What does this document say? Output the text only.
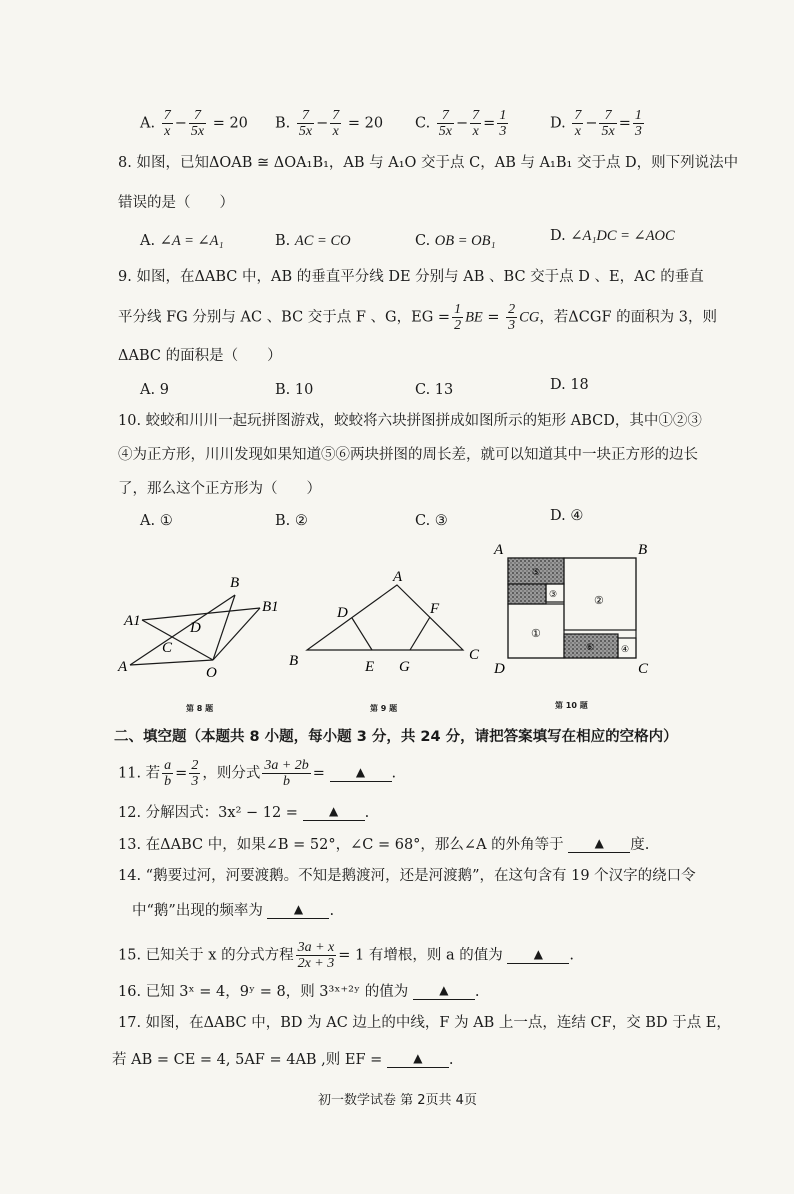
A. $\frac{7}{x} - \frac{7}{5x} = 20$ B. $\frac{7}{5x} - \frac{7}{x} = 20$ C. $\frac{7}{5x} - \frac{7}{x} = \frac{1}{3}$	D. $\frac{7}{x} - \frac{7}{5x} = \frac{1}{3}$
8. 如图，已知ΔOAB ≅ ΔOA₁B₁，AB 与 A₁O 交于点 C，AB 与 A₁B₁ 交于点 D，则下列说法中
错误的是（　　）
A. ∠A = ∠A₁	B. AC = CO	C. OB = OB₁	D. ∠A₁DC = ∠AOC
9. 如图，在ΔABC 中，AB 的垂直平分线 DE 分别与 AB 、BC 交于点 D 、E，AC 的垂直
平分线 FG 分别与 AC 、BC 交于点 F 、G，EG = $\frac{1}{2}$ BE = $\frac{2}{3}$ CG，若ΔCGF 的面积为 3，则
ΔABC 的面积是（　　）
A. 9	B. 10	C. 13	D. 18
10. 蛟蛟和川川一起玩拼图游戏，蛟蛟将六块拼图拼成如图所示的矩形 ABCD，其中①②③
④为正方形，川川发现如果知道⑤⑥两块拼图的周长差，就可以知道其中一块正方形的边长
了，那么这个正方形为（　　）
A. ①	B. ②	C. ③	D. ④
B
B1
A1	D
C
A	O
第 8 题
A
D	F
B	E G
C
第 9 题
A	B
D	C
①
②
③
④
⑤
⑥
第 10 题
二、填空题（本题共 8 小题，每小题 3 分，共 24 分，请把答案填写在相应的空格内）
11. 若 $\frac{a}{b} = \frac{2}{3}$ ，则分式 $\frac{3a + 2b}{b}$ =	▲ .
12. 分解因式：3x² − 12 =	▲ .
13. 在ΔABC 中，如果∠B = 52°，∠C = 68°，那么∠A 的外角等于	▲ 度.
14. “鹅要过河，河要渡鹅。不知是鹅渡河，还是河渡鹅”，在这句含有 19 个汉字的绕口令
中“鹅”出现的频率为	▲ .
15. 已知关于 x 的分式方程 $\frac{3a + x}{2x + 3} = 1$ 有增根，则 a 的值为	▲ .
16. 已知 3ˣ = 4，9ʸ = 8，则 3³ˣ⁺²ʸ 的值为	▲ .
17. 如图，在ΔABC 中，BD 为 AC 边上的中线，F 为 AB 上一点，连结 CF，交 BD 于点 E，
若 AB = CE = 4, 5AF = 4AB ,则 EF =	▲ .
初一数学试卷 第 2页共 4页
